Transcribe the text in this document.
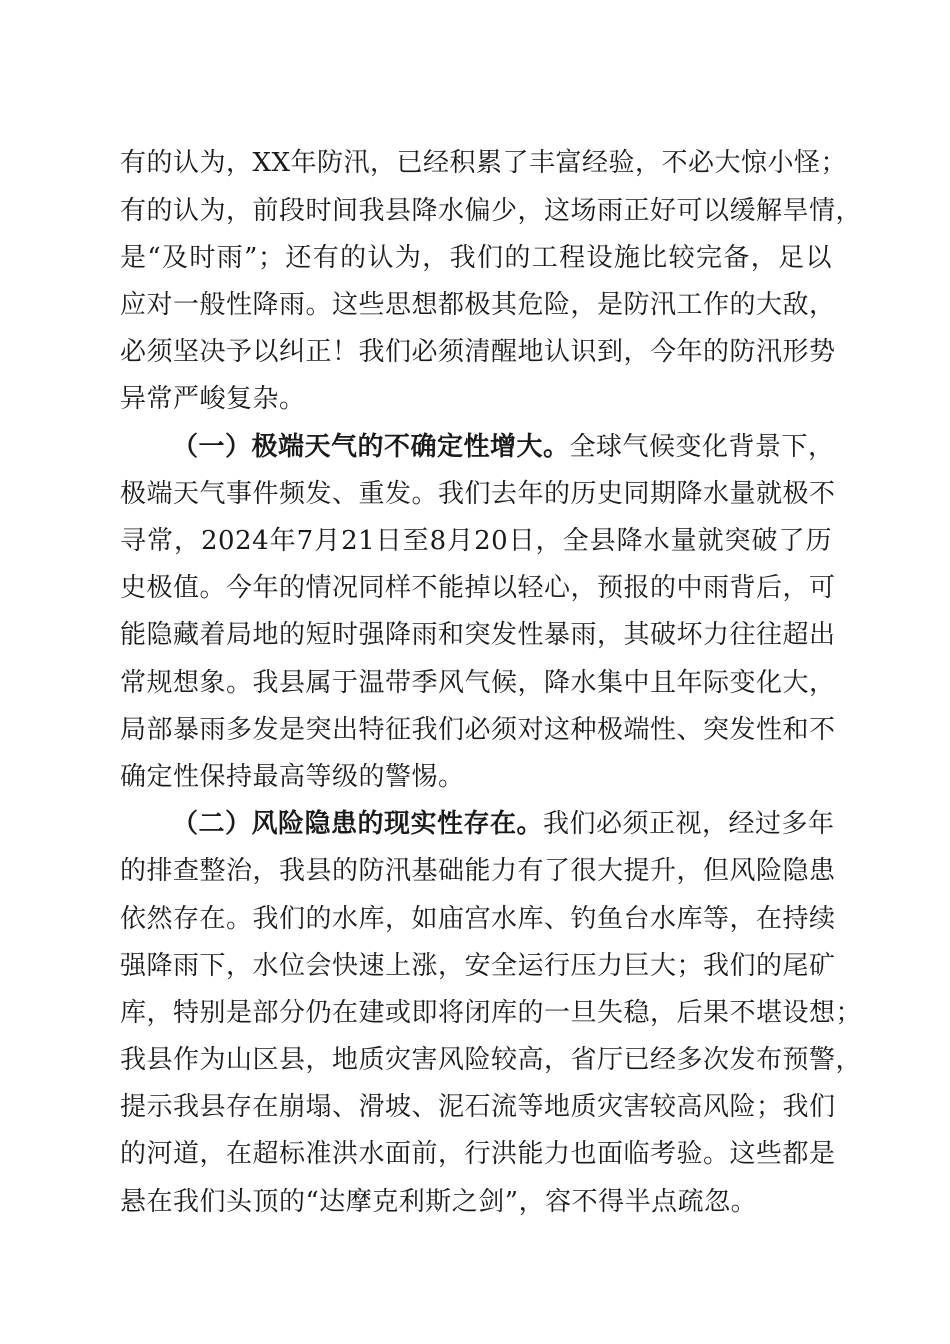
有的认为，XX年防汛，已经积累了丰富经验，不必大惊小怪；
有的认为，前段时间我县降水偏少，这场雨正好可以缓解旱情，
是“及时雨”；还有的认为，我们的工程设施比较完备，足以
应对一般性降雨。这些思想都极其危险，是防汛工作的大敌，
必须坚决予以纠正！我们必须清醒地认识到，今年的防汛形势
异常严峻复杂。
（一）极端天气的不确定性增大。全球气候变化背景下，
极端天气事件频发、重发。我们去年的历史同期降水量就极不
寻常，2024年7月21日至8月20日，全县降水量就突破了历
史极值。今年的情况同样不能掉以轻心，预报的中雨背后，可
能隐藏着局地的短时强降雨和突发性暴雨，其破坏力往往超出
常规想象。我县属于温带季风气候，降水集中且年际变化大，
局部暴雨多发是突出特征我们必须对这种极端性、突发性和不
确定性保持最高等级的警惕。
（二）风险隐患的现实性存在。我们必须正视，经过多年
的排查整治，我县的防汛基础能力有了很大提升，但风险隐患
依然存在。我们的水库，如庙宫水库、钓鱼台水库等，在持续
强降雨下，水位会快速上涨，安全运行压力巨大；我们的尾矿
库，特别是部分仍在建或即将闭库的一旦失稳，后果不堪设想；
我县作为山区县，地质灾害风险较高，省厅已经多次发布预警，
提示我县存在崩塌、滑坡、泥石流等地质灾害较高风险；我们
的河道，在超标准洪水面前，行洪能力也面临考验。这些都是
悬在我们头顶的“达摩克利斯之剑”，容不得半点疏忽。
